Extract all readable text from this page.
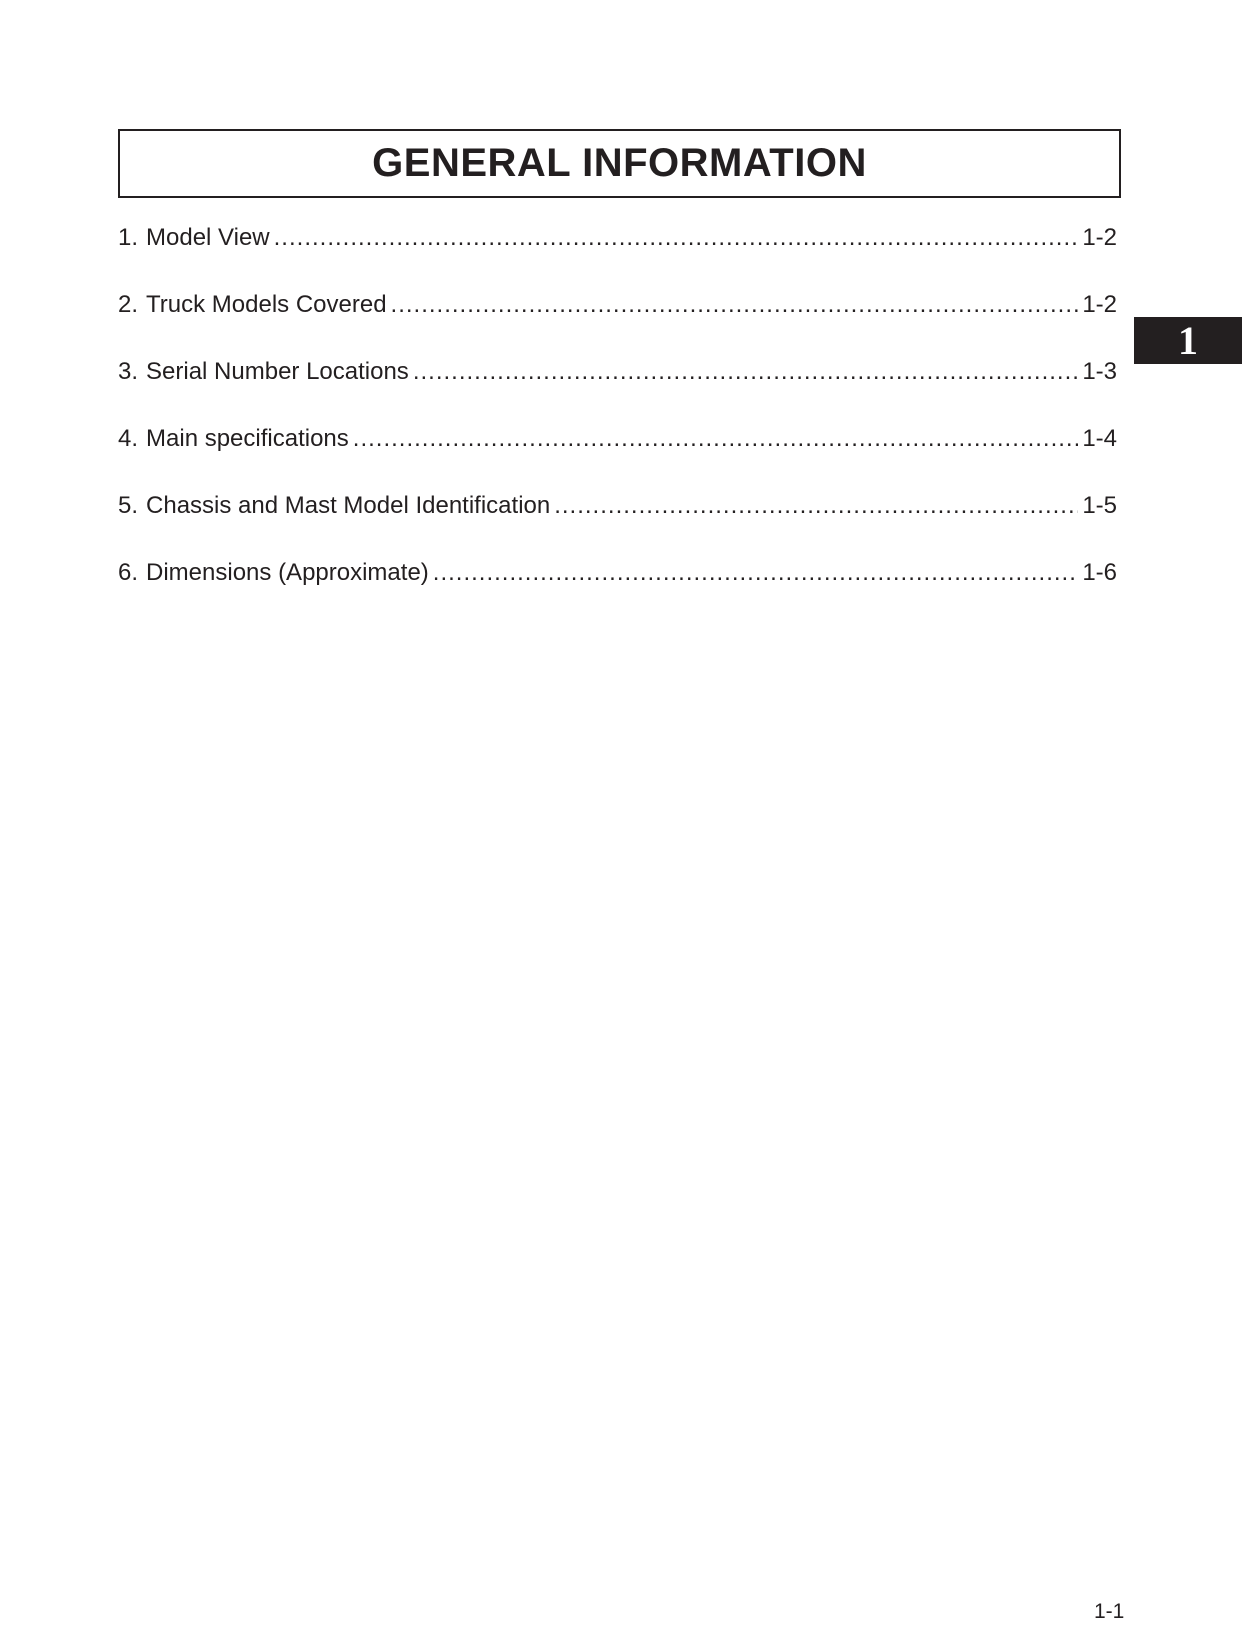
GENERAL INFORMATION
1. Model View .....	1-2
2. Truck Models Covered .....	1-2
3. Serial Number Locations .....	1-3
4. Main specifications .....	1-4
5. Chassis and Mast Model Identification .....	1-5
6. Dimensions (Approximate) .....	1-6
1
1-1
